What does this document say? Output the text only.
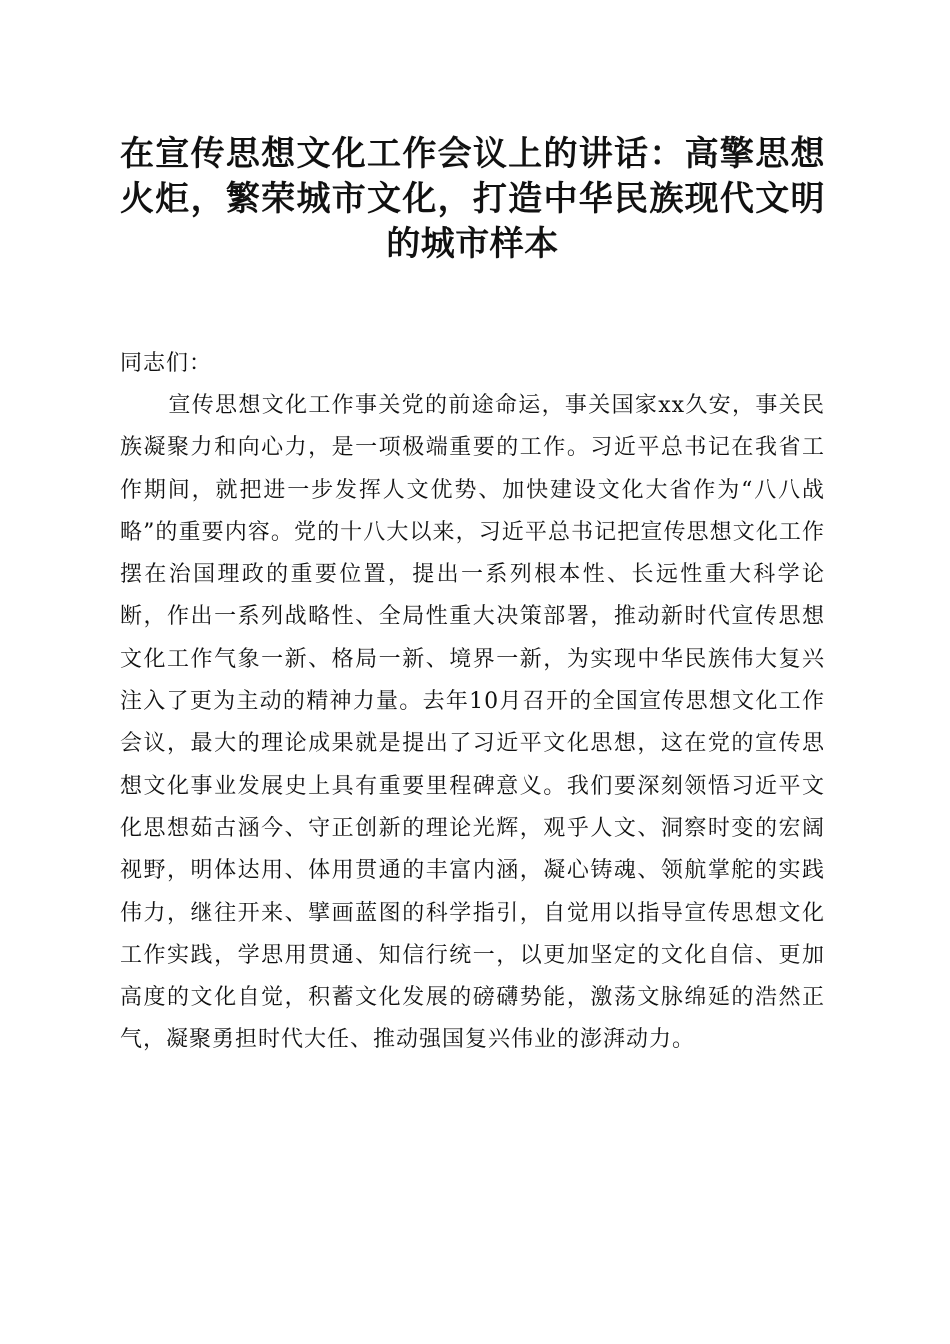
在宣传思想文化工作会议上的讲话：高擎思想火炬，繁荣城市文化，打造中华民族现代文明的城市样本

同志们：

宣传思想文化工作事关党的前途命运，事关国家xx久安，事关民族凝聚力和向心力，是一项极端重要的工作。习近平总书记在我省工作期间，就把进一步发挥人文优势、加快建设文化大省作为“八八战略”的重要内容。党的十八大以来，习近平总书记把宣传思想文化工作摆在治国理政的重要位置，提出一系列根本性、长远性重大科学论断，作出一系列战略性、全局性重大决策部署，推动新时代宣传思想文化工作气象一新、格局一新、境界一新，为实现中华民族伟大复兴注入了更为主动的精神力量。去年10月召开的全国宣传思想文化工作会议，最大的理论成果就是提出了习近平文化思想，这在党的宣传思想文化事业发展史上具有重要里程碑意义。我们要深刻领悟习近平文化思想茹古涵今、守正创新的理论光辉，观乎人文、洞察时变的宏阔视野，明体达用、体用贯通的丰富内涵，凝心铸魂、领航掌舵的实践伟力，继往开来、擘画蓝图的科学指引，自觉用以指导宣传思想文化工作实践，学思用贯通、知信行统一，以更加坚定的文化自信、更加高度的文化自觉，积蓄文化发展的磅礴势能，激荡文脉绵延的浩然正气，凝聚勇担时代大任、推动强国复兴伟业的澎湃动力。
